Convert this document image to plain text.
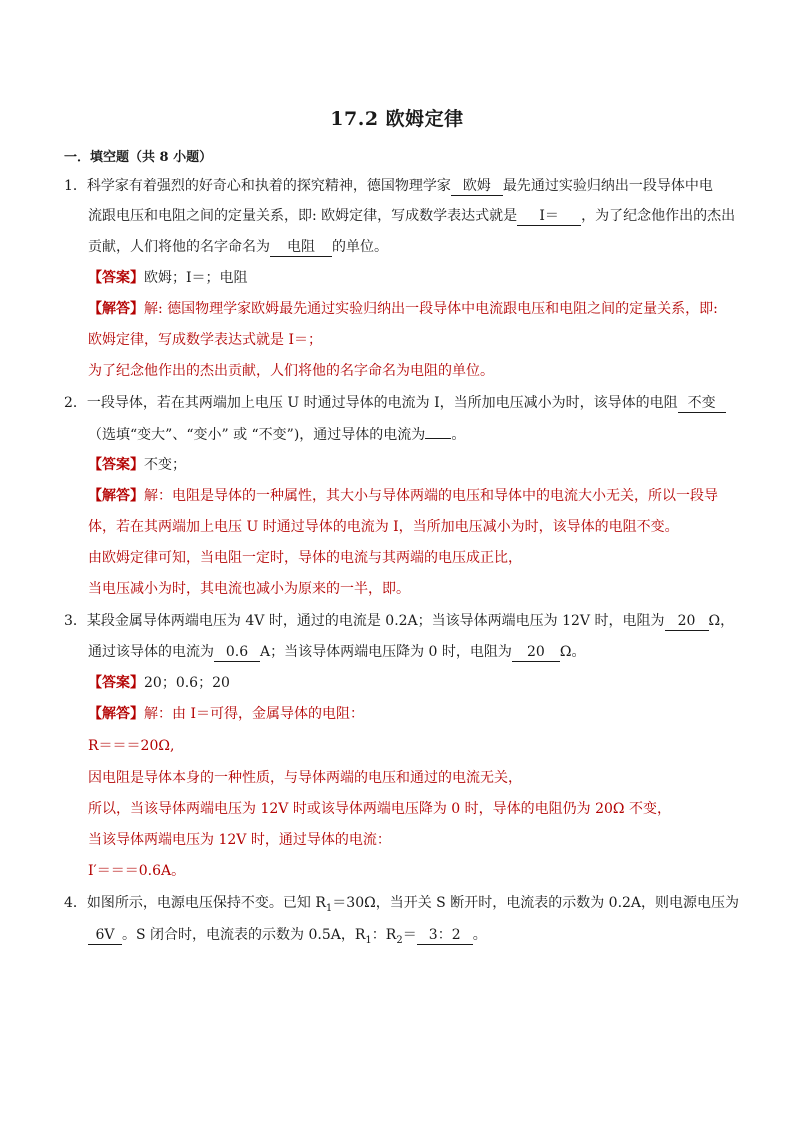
17.2 欧姆定律
一．填空题（共 8 小题）
1．科学家有着强烈的好奇心和执着的探究精神，德国物理学家 欧姆 最先通过实验归纳出一段导体中电
流跟电压和电阻之间的定量关系，即: 欧姆定律，写成数学表达式就是 I＝ ，为了纪念他作出的杰出
贡献，人们将他的名字命名为 电阻 的单位。
【答案】欧姆；I＝；电阻
【解答】解: 德国物理学家欧姆最先通过实验归纳出一段导体中电流跟电压和电阻之间的定量关系，即:
欧姆定律，写成数学表达式就是 I＝；
为了纪念他作出的杰出贡献，人们将他的名字命名为电阻的单位。
2．一段导体，若在其两端加上电压 U 时通过导体的电流为 I，当所加电压减小为时，该导体的电阻 不变
（选填“变大”、“变小” 或 “不变”)，通过导体的电流为 。
【答案】不变；
【解答】解：电阻是导体的一种属性，其大小与导体两端的电压和导体中的电流大小无关，所以一段导
体，若在其两端加上电压 U 时通过导体的电流为 I，当所加电压减小为时，该导体的电阻不变。
由欧姆定律可知，当电阻一定时，导体的电流与其两端的电压成正比，
当电压减小为时，其电流也减小为原来的一半，即。
3．某段金属导体两端电压为 4V 时，通过的电流是 0.2A；当该导体两端电压为 12V 时，电阻为 20 Ω，
通过该导体的电流为 0.6 A；当该导体两端电压降为 0 时，电阻为 20 Ω。
【答案】20；0.6；20
【解答】解：由 I＝可得，金属导体的电阻：
R＝＝＝20Ω,
因电阻是导体本身的一种性质，与导体两端的电压和通过的电流无关，
所以，当该导体两端电压为 12V 时或该导体两端电压降为 0 时，导体的电阻仍为 20Ω 不变，
当该导体两端电压为 12V 时，通过导体的电流：
I′＝＝＝0.6A。
4．如图所示，电源电压保持不变。已知 $R_1=30\Omega$，当开关 S 断开时，电流表的示数为 0.2A，则电源电压为
6V 。S 闭合时，电流表的示数为 0.5A，$R_1$：$R_2= 3$：2 。
